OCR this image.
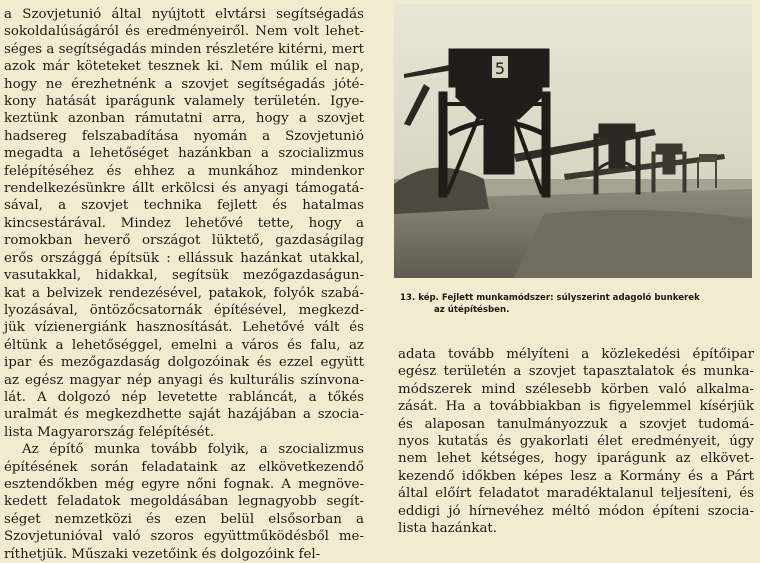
a Szovjetunió által nyújtott elvtársi segítségadás
sokoldalúságáról és eredményeiről. Nem volt lehet-
séges a segítségadás minden részletére kitérni, mert
azok már köteteket tesznek ki. Nem múlik el nap,
hogy ne érezhetnénk a szovjet segítségadás jóté-
kony hatását iparágunk valamely területén. Igye-
keztünk azonban rámutatni arra, hogy a szovjet
hadsereg felszabadítása nyomán a Szovjetunió
megadta a lehetőséget hazánkban a szocializmus
felépítéséhez és ehhez a munkához mindenkor
rendelkezésünkre állt erkölcsi és anyagi támogatá-
sával, a szovjet technika fejlett és hatalmas
kincsestárával. Mindez lehetővé tette, hogy a
romokban heverő országot lüktető, gazdaságilag
erős országgá építsük : ellássuk hazánkat utakkal,
vasutakkal, hidakkal, segítsük mezőgazdaságun-
kat a belvizek rendezésével, patakok, folyók szabá-
lyozásával, öntözőcsatornák építésével, megkezd-
jük vízienergiánk hasznosítását. Lehetővé vált és
éltünk a lehetőséggel, emelni a város és falu, az
ipar és mezőgazdaság dolgozóinak és ezzel együtt
az egész magyar nép anyagi és kulturális színvona-
lát. A dolgozó nép levetette rabláncát, a tőkés
uralmát és megkezdhette saját hazájában a szocia-
lista Magyarország felépítését.
Az építő munka tovább folyik, a szocializmus
építésének során feladataink az elkövetkezendő
esztendőkben még egyre nőni fognak. A megnöve-
kedett feladatok megoldásában legnagyobb segít-
séget nemzetközi és ezen belül elsősorban a
Szovjetunióval való szoros együttműködésből me-
ríthetjük. Műszaki vezetőink és dolgozóink fel-
5
13. kép. Fejlett munkamódszer: súlyszerint adagoló bunkerek
az útépítésben.
adata tovább mélyíteni a közlekedési építőipar
egész területén a szovjet tapasztalatok és munka-
módszerek mind szélesebb körben való alkalma-
zását. Ha a továbbiakban is figyelemmel kísérjük
és alaposan tanulmányozzuk a szovjet tudomá-
nyos kutatás és gyakorlati élet eredményeit, úgy
nem lehet kétséges, hogy iparágunk az elkövet-
kezendő időkben képes lesz a Kormány és a Párt
által előírt feladatot maradéktalanul teljesíteni, és
eddigi jó hírnevéhez méltó módon építeni szocia-
lista hazánkat.
